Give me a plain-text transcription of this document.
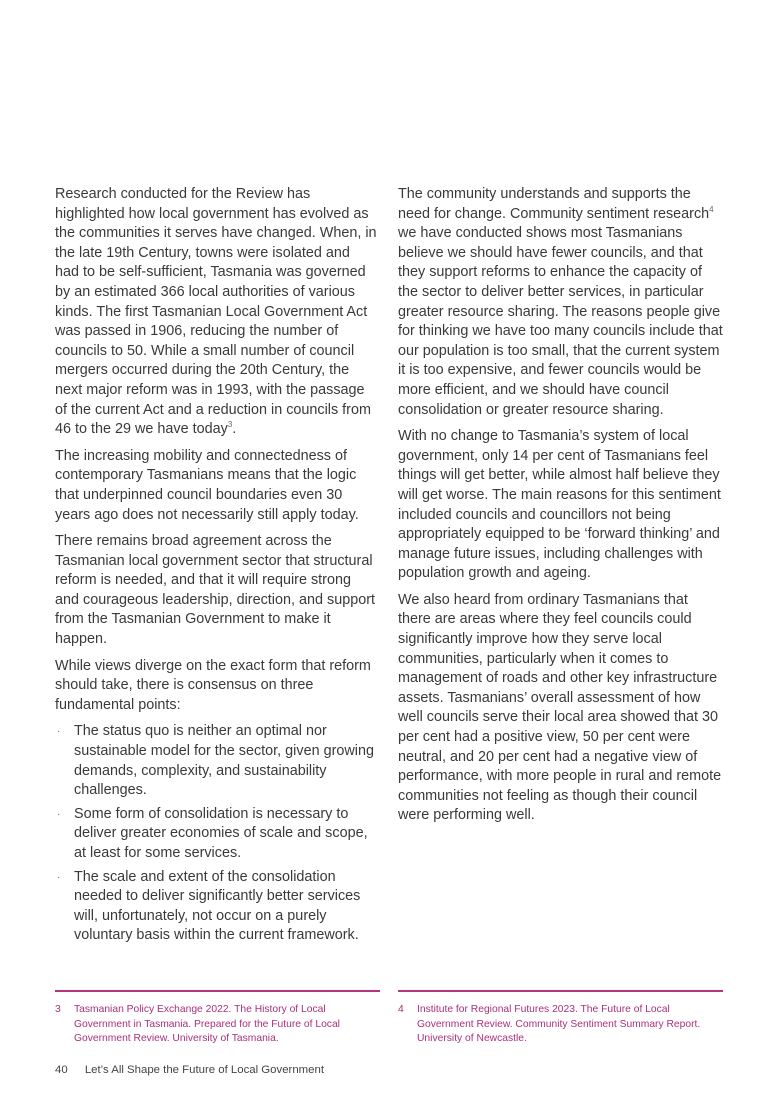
Research conducted for the Review has highlighted how local government has evolved as the communities it serves have changed. When, in the late 19th Century, towns were isolated and had to be self-sufficient, Tasmania was governed by an estimated 366 local authorities of various kinds. The first Tasmanian Local Government Act was passed in 1906, reducing the number of councils to 50. While a small number of council mergers occurred during the 20th Century, the next major reform was in 1993, with the passage of the current Act and a reduction in councils from 46 to the 29 we have today$^3$.

The increasing mobility and connectedness of contemporary Tasmanians means that the logic that underpinned council boundaries even 30 years ago does not necessarily still apply today.

There remains broad agreement across the Tasmanian local government sector that structural reform is needed, and that it will require strong and courageous leadership, direction, and support from the Tasmanian Government to make it happen.

While views diverge on the exact form that reform should take, there is consensus on three fundamental points:

· The status quo is neither an optimal nor sustainable model for the sector, given growing demands, complexity, and sustainability challenges.
· Some form of consolidation is necessary to deliver greater economies of scale and scope, at least for some services.
· The scale and extent of the consolidation needed to deliver significantly better services will, unfortunately, not occur on a purely voluntary basis within the current framework.

The community understands and supports the need for change. Community sentiment research$^4$ we have conducted shows most Tasmanians believe we should have fewer councils, and that they support reforms to enhance the capacity of the sector to deliver better services, in particular greater resource sharing. The reasons people give for thinking we have too many councils include that our population is too small, that the current system it is too expensive, and fewer councils would be more efficient, and we should have council consolidation or greater resource sharing.

With no change to Tasmania’s system of local government, only 14 per cent of Tasmanians feel things will get better, while almost half believe they will get worse. The main reasons for this sentiment included councils and councillors not being appropriately equipped to be ‘forward thinking’ and manage future issues, including challenges with population growth and ageing.

We also heard from ordinary Tasmanians that there are areas where they feel councils could significantly improve how they serve local communities, particularly when it comes to management of roads and other key infrastructure assets. Tasmanians’ overall assessment of how well councils serve their local area showed that 30 per cent had a positive view, 50 per cent were neutral, and 20 per cent had a negative view of performance, with more people in rural and remote communities not feeling as though their council were performing well.

3	Tasmanian Policy Exchange 2022. The History of Local Government in Tasmania. Prepared for the Future of Local Government Review. University of Tasmania.
4	Institute for Regional Futures 2023. The Future of Local Government Review. Community Sentiment Summary Report. University of Newcastle.
40 Let’s All Shape the Future of Local Government
